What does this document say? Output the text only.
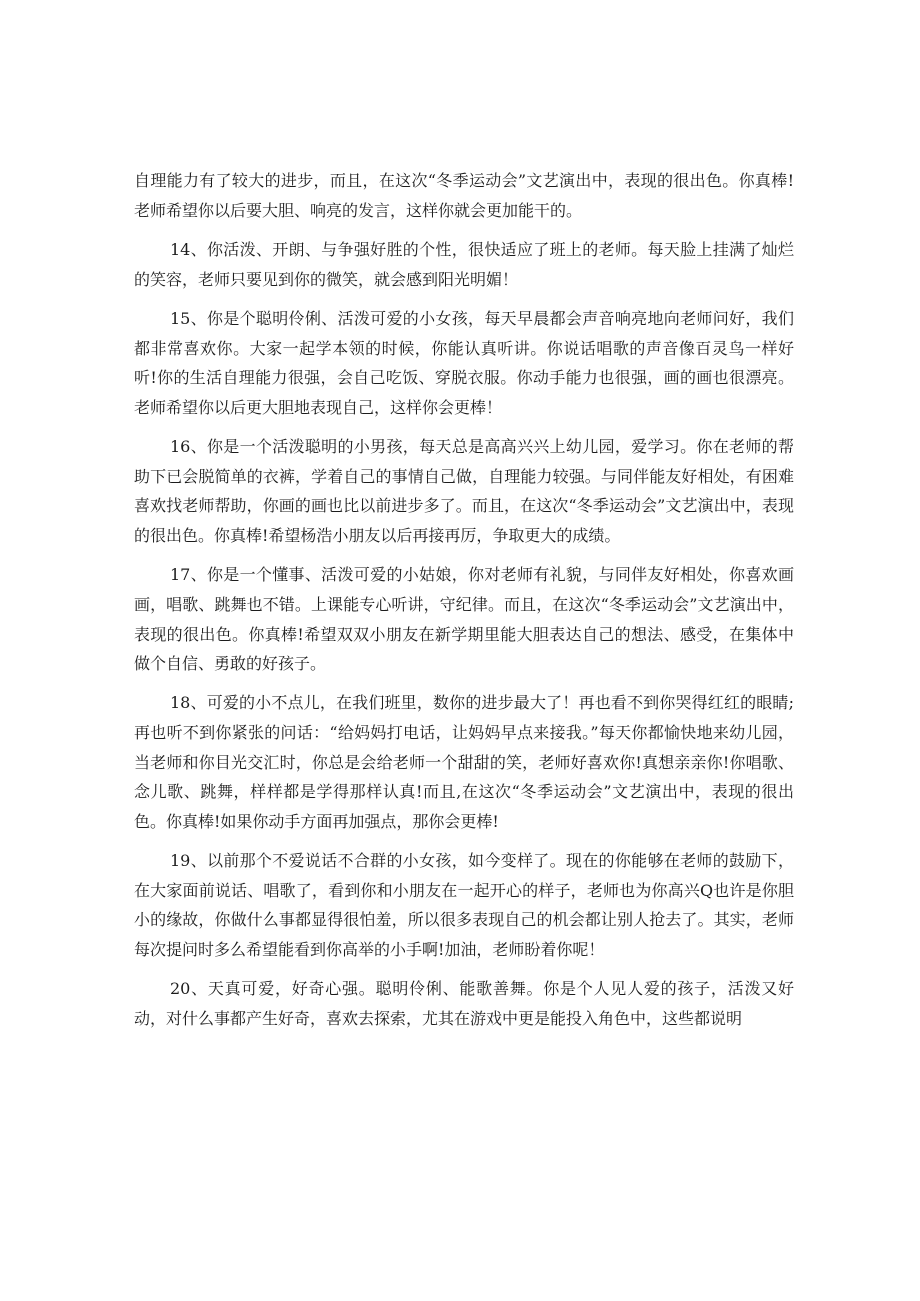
自理能力有了较大的进步，而且，在这次“冬季运动会”文艺演出中，表现的很出色。你真棒!老师希望你以后要大胆、响亮的发言，这样你就会更加能干的。

14、你活泼、开朗、与争强好胜的个性，很快适应了班上的老师。每天脸上挂满了灿烂的笑容，老师只要见到你的微笑，就会感到阳光明媚！

15、你是个聪明伶俐、活泼可爱的小女孩，每天早晨都会声音响亮地向老师问好，我们都非常喜欢你。大家一起学本领的时候，你能认真听讲。你说话唱歌的声音像百灵鸟一样好听!你的生活自理能力很强，会自己吃饭、穿脱衣服。你动手能力也很强，画的画也很漂亮。老师希望你以后更大胆地表现自己，这样你会更棒！

16、你是一个活泼聪明的小男孩，每天总是高高兴兴上幼儿园，爱学习。你在老师的帮助下已会脱简单的衣裤，学着自己的事情自己做，自理能力较强。与同伴能友好相处，有困难喜欢找老师帮助，你画的画也比以前进步多了。而且，在这次“冬季运动会”文艺演出中，表现的很出色。你真棒!希望杨浩小朋友以后再接再厉，争取更大的成绩。

17、你是一个懂事、活泼可爱的小姑娘，你对老师有礼貌，与同伴友好相处，你喜欢画画，唱歌、跳舞也不错。上课能专心听讲，守纪律。而且，在这次“冬季运动会”文艺演出中，表现的很出色。你真棒!希望双双小朋友在新学期里能大胆表达自己的想法、感受，在集体中做个自信、勇敢的好孩子。

18、可爱的小不点儿，在我们班里，数你的进步最大了！再也看不到你哭得红红的眼睛;再也听不到你紧张的问话：“给妈妈打电话，让妈妈早点来接我。”每天你都愉快地来幼儿园，当老师和你目光交汇时，你总是会给老师一个甜甜的笑，老师好喜欢你!真想亲亲你!你唱歌、念儿歌、跳舞，样样都是学得那样认真!而且,在这次“冬季运动会”文艺演出中，表现的很出色。你真棒!如果你动手方面再加强点，那你会更棒!

19、以前那个不爱说话不合群的小女孩，如今变样了。现在的你能够在老师的鼓励下，在大家面前说话、唱歌了，看到你和小朋友在一起开心的样子，老师也为你高兴Q也许是你胆小的缘故，你做什么事都显得很怕羞，所以很多表现自己的机会都让别人抢去了。其实，老师每次提问时多么希望能看到你高举的小手啊!加油，老师盼着你呢！

20、天真可爱，好奇心强。聪明伶俐、能歌善舞。你是个人见人爱的孩子，活泼又好动，对什么事都产生好奇，喜欢去探索，尤其在游戏中更是能投入角色中，这些都说明
